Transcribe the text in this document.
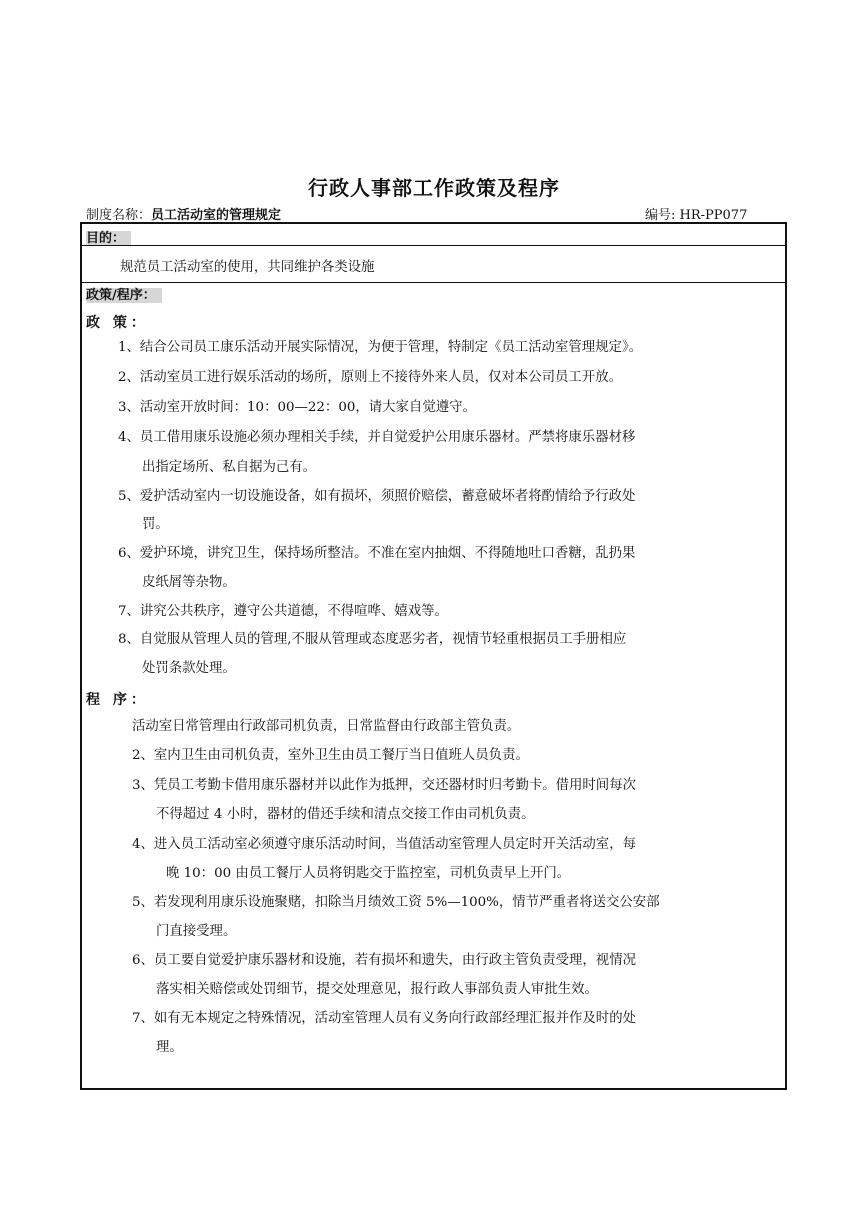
行政人事部工作政策及程序
制度名称：员工活动室的管理规定	编号: HR-PP077
目的：
规范员工活动室的使用，共同维护各类设施
政策/程序：
政 策：
1、结合公司员工康乐活动开展实际情况，为便于管理，特制定《员工活动室管理规定》。
2、活动室员工进行娱乐活动的场所，原则上不接待外来人员，仅对本公司员工开放。
3、活动室开放时间：10：00—22：00，请大家自觉遵守。
4、员工借用康乐设施必须办理相关手续，并自觉爱护公用康乐器材。严禁将康乐器材移
出指定场所、私自据为己有。
5、爱护活动室内一切设施设备，如有损坏，须照价赔偿，蓄意破坏者将酌情给予行政处
罚。
6、爱护环境，讲究卫生，保持场所整洁。不准在室内抽烟、不得随地吐口香糖，乱扔果
皮纸屑等杂物。
7、讲究公共秩序，遵守公共道德，不得喧哗、嬉戏等。
8、自觉服从管理人员的管理,不服从管理或态度恶劣者，视情节轻重根据员工手册相应
处罚条款处理。
程 序：
活动室日常管理由行政部司机负责，日常监督由行政部主管负责。
2、室内卫生由司机负责，室外卫生由员工餐厅当日值班人员负责。
3、凭员工考勤卡借用康乐器材并以此作为抵押，交还器材时归考勤卡。借用时间每次
不得超过 4 小时，器材的借还手续和清点交接工作由司机负责。
4、进入员工活动室必须遵守康乐活动时间，当值活动室管理人员定时开关活动室，每
晚 10：00 由员工餐厅人员将钥匙交于监控室，司机负责早上开门。
5、若发现利用康乐设施聚赌，扣除当月绩效工资 5%—100%，情节严重者将送交公安部
门直接受理。
6、员工要自觉爱护康乐器材和设施，若有损坏和遗失，由行政主管负责受理，视情况
落实相关赔偿或处罚细节，提交处理意见，报行政人事部负责人审批生效。
7、如有无本规定之特殊情况，活动室管理人员有义务向行政部经理汇报并作及时的处
理。
